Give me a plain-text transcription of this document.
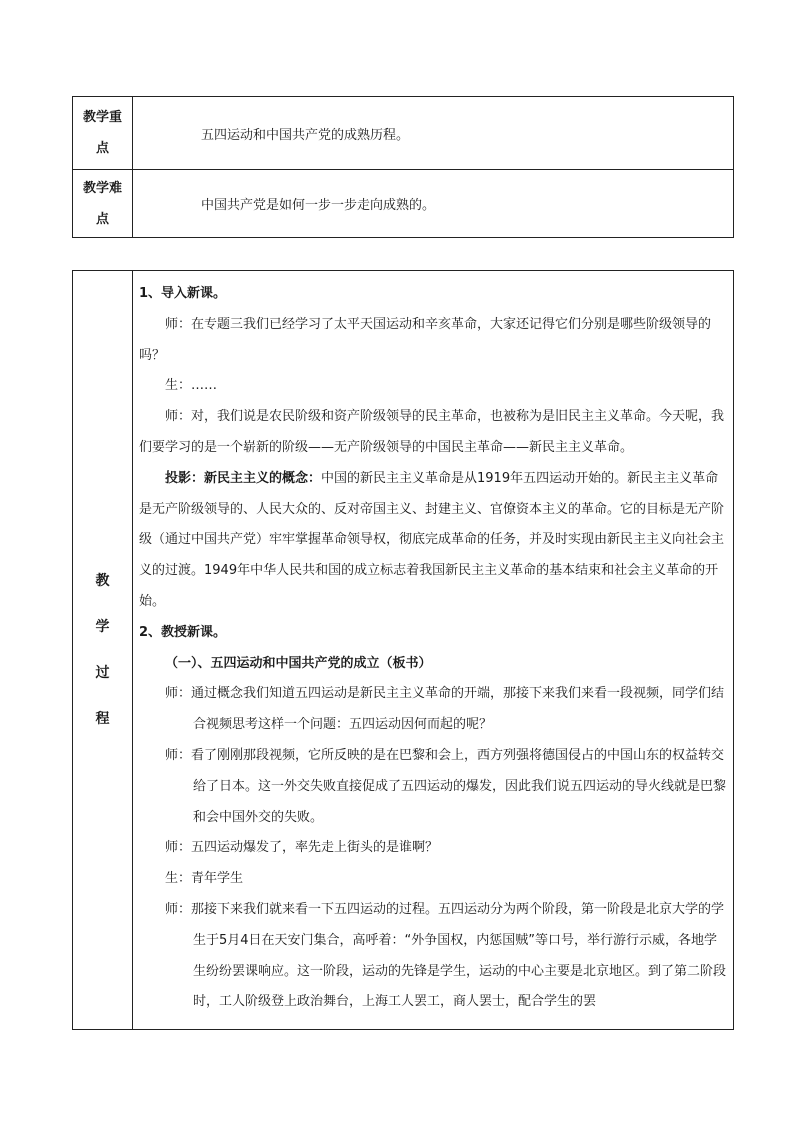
教学重
点	五四运动和中国共产党的成熟历程。

教学难
点	中国共产党是如何一步一步走向成熟的。
教
学
过
程

1、导入新课。

师：在专题三我们已经学习了太平天国运动和辛亥革命，大家还记得它们分别是哪些阶级领导的吗？

生：……

师：对，我们说是农民阶级和资产阶级领导的民主革命，也被称为是旧民主主义革命。今天呢，我们要学习的是一个崭新的阶级——无产阶级领导的中国民主革命——新民主主义革命。

投影：新民主主义的概念：中国的新民主主义革命是从1919年五四运动开始的。新民主主义革命是无产阶级领导的、人民大众的、反对帝国主义、封建主义、官僚资本主义的革命。它的目标是无产阶级（通过中国共产党）牢牢掌握革命领导权，彻底完成革命的任务，并及时实现由新民主主义向社会主义的过渡。1949年中华人民共和国的成立标志着我国新民主主义革命的基本结束和社会主义革命的开始。

2、教授新课。

（一）、五四运动和中国共产党的成立（板书）

师：通过概念我们知道五四运动是新民主主义革命的开端，那接下来我们来看一段视频，同学们结合视频思考这样一个问题：五四运动因何而起的呢？

师：看了刚刚那段视频，它所反映的是在巴黎和会上，西方列强将德国侵占的中国山东的权益转交给了日本。这一外交失败直接促成了五四运动的爆发，因此我们说五四运动的导火线就是巴黎和会中国外交的失败。

师：五四运动爆发了，率先走上街头的是谁啊？

生：青年学生

师：那接下来我们就来看一下五四运动的过程。五四运动分为两个阶段，第一阶段是北京大学的学生于5月4日在天安门集合，高呼着：“外争国权，内惩国贼”等口号，举行游行示威，各地学生纷纷罢课响应。这一阶段，运动的先锋是学生，运动的中心主要是北京地区。到了第二阶段时，工人阶级登上政治舞台，上海工人罢工，商人罢士，配合学生的罢
